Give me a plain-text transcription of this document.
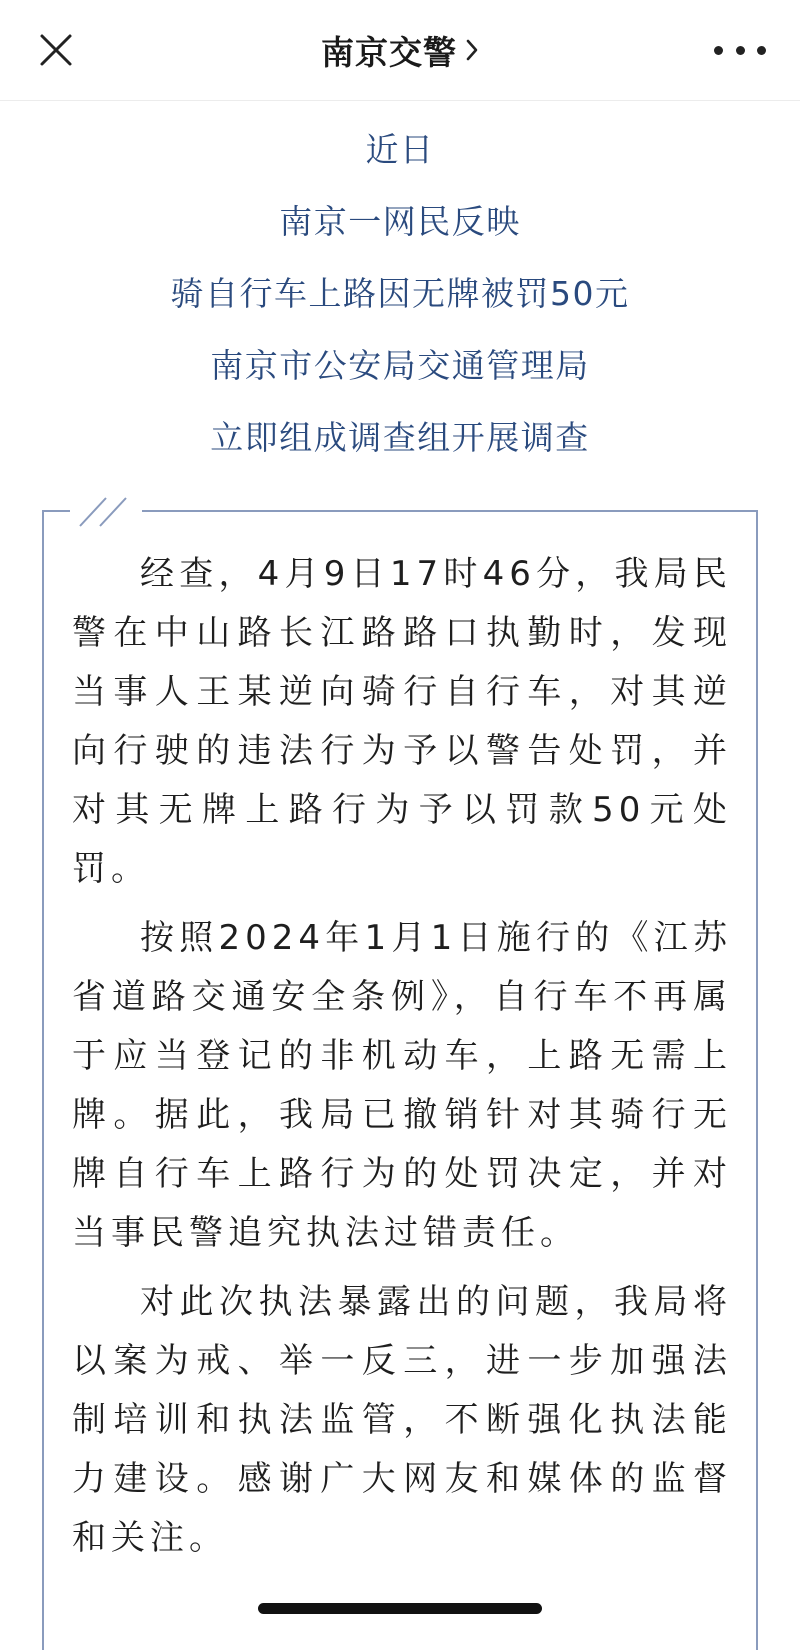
南京交警
近日
南京一网民反映
骑自行车上路因无牌被罚50元
南京市公安局交通管理局
立即组成调查组开展调查

经查，4月9日17时46分，我局民警在中山路长江路路口执勤时，发现当事人王某逆向骑行自行车，对其逆向行驶的违法行为予以警告处罚，并对其无牌上路行为予以罚款50元处罚。

按照2024年1月1日施行的《江苏省道路交通安全条例》，自行车不再属于应当登记的非机动车，上路无需上牌。据此，我局已撤销针对其骑行无牌自行车上路行为的处罚决定，并对当事民警追究执法过错责任。

对此次执法暴露出的问题，我局将以案为戒、举一反三，进一步加强法制培训和执法监管，不断强化执法能力建设。感谢广大网友和媒体的监督和关注。
